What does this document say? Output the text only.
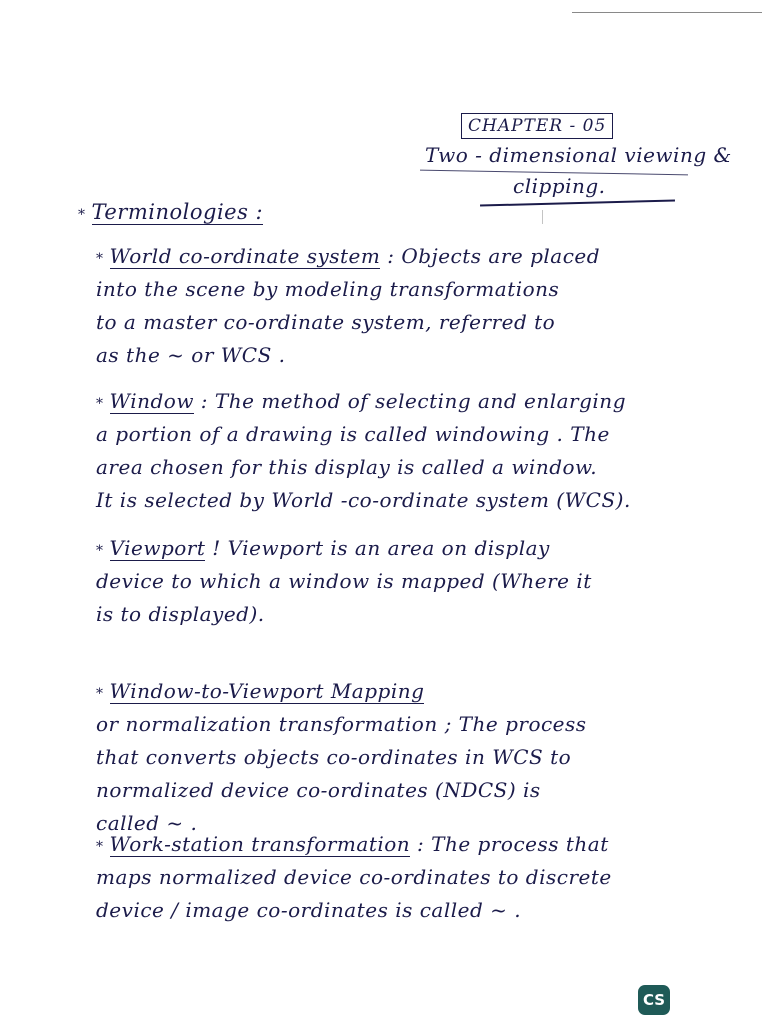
CHAPTER - 05
Two - dimensional viewing &
clipping.
* Terminologies :
* World co-ordinate system : Objects are placed
into the scene by modeling transformations
to a master co-ordinate system, referred to
as the ~ or WCS .
* Window : The method of selecting and enlarging
a portion of a drawing is called windowing . The
area chosen for this display is called a window.
It is selected by World -co-ordinate system (WCS).
* Viewport ! Viewport is an area on display
device to which a window is mapped (Where it
is to displayed).
* Window-to-Viewport Mapping
or normalization transformation ; The process
that converts objects co-ordinates in WCS to
normalized device co-ordinates (NDCS) is
called ~ .
* Work-station transformation : The process that
maps normalized device co-ordinates to discrete
device / image co-ordinates is called ~ .
CS
